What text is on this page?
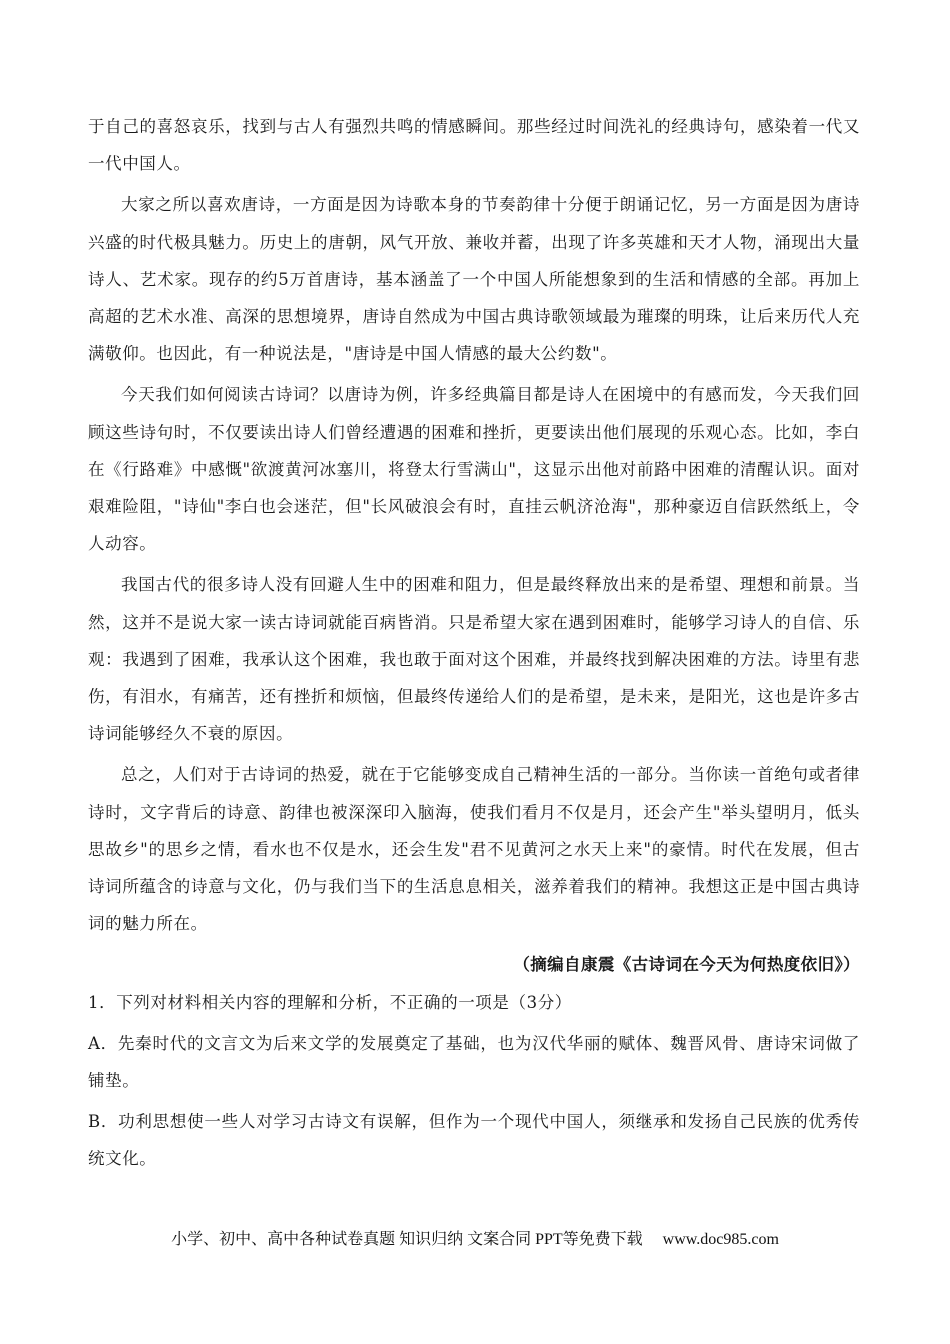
于自己的喜怒哀乐，找到与古人有强烈共鸣的情感瞬间。那些经过时间洗礼的经典诗句，感染着一代又一代中国人。

大家之所以喜欢唐诗，一方面是因为诗歌本身的节奏韵律十分便于朗诵记忆，另一方面是因为唐诗兴盛的时代极具魅力。历史上的唐朝，风气开放、兼收并蓄，出现了许多英雄和天才人物，涌现出大量诗人、艺术家。现存的约5万首唐诗，基本涵盖了一个中国人所能想象到的生活和情感的全部。再加上高超的艺术水准、高深的思想境界，唐诗自然成为中国古典诗歌领域最为璀璨的明珠，让后来历代人充满敬仰。也因此，有一种说法是，"唐诗是中国人情感的最大公约数"。

今天我们如何阅读古诗词？以唐诗为例，许多经典篇目都是诗人在困境中的有感而发，今天我们回顾这些诗句时，不仅要读出诗人们曾经遭遇的困难和挫折，更要读出他们展现的乐观心态。比如，李白在《行路难》中感慨"欲渡黄河冰塞川，将登太行雪满山"，这显示出他对前路中困难的清醒认识。面对艰难险阻，"诗仙"李白也会迷茫，但"长风破浪会有时，直挂云帆济沧海"，那种豪迈自信跃然纸上，令人动容。

我国古代的很多诗人没有回避人生中的困难和阻力，但是最终释放出来的是希望、理想和前景。当然，这并不是说大家一读古诗词就能百病皆消。只是希望大家在遇到困难时，能够学习诗人的自信、乐观：我遇到了困难，我承认这个困难，我也敢于面对这个困难，并最终找到解决困难的方法。诗里有悲伤，有泪水，有痛苦，还有挫折和烦恼，但最终传递给人们的是希望，是未来，是阳光，这也是许多古诗词能够经久不衰的原因。

总之，人们对于古诗词的热爱，就在于它能够变成自己精神生活的一部分。当你读一首绝句或者律诗时，文字背后的诗意、韵律也被深深印入脑海，使我们看月不仅是月，还会产生"举头望明月，低头思故乡"的思乡之情，看水也不仅是水，还会生发"君不见黄河之水天上来"的豪情。时代在发展，但古诗词所蕴含的诗意与文化，仍与我们当下的生活息息相关，滋养着我们的精神。我想这正是中国古典诗词的魅力所在。

（摘编自康震《古诗词在今天为何热度依旧》）

1．下列对材料相关内容的理解和分析，不正确的一项是（3分）

A．先秦时代的文言文为后来文学的发展奠定了基础，也为汉代华丽的赋体、魏晋风骨、唐诗宋词做了铺垫。

B．功利思想使一些人对学习古诗文有误解，但作为一个现代中国人，须继承和发扬自己民族的优秀传统文化。

小学、初中、高中各种试卷真题 知识归纳 文案合同 PPT等免费下载 www.doc985.com
